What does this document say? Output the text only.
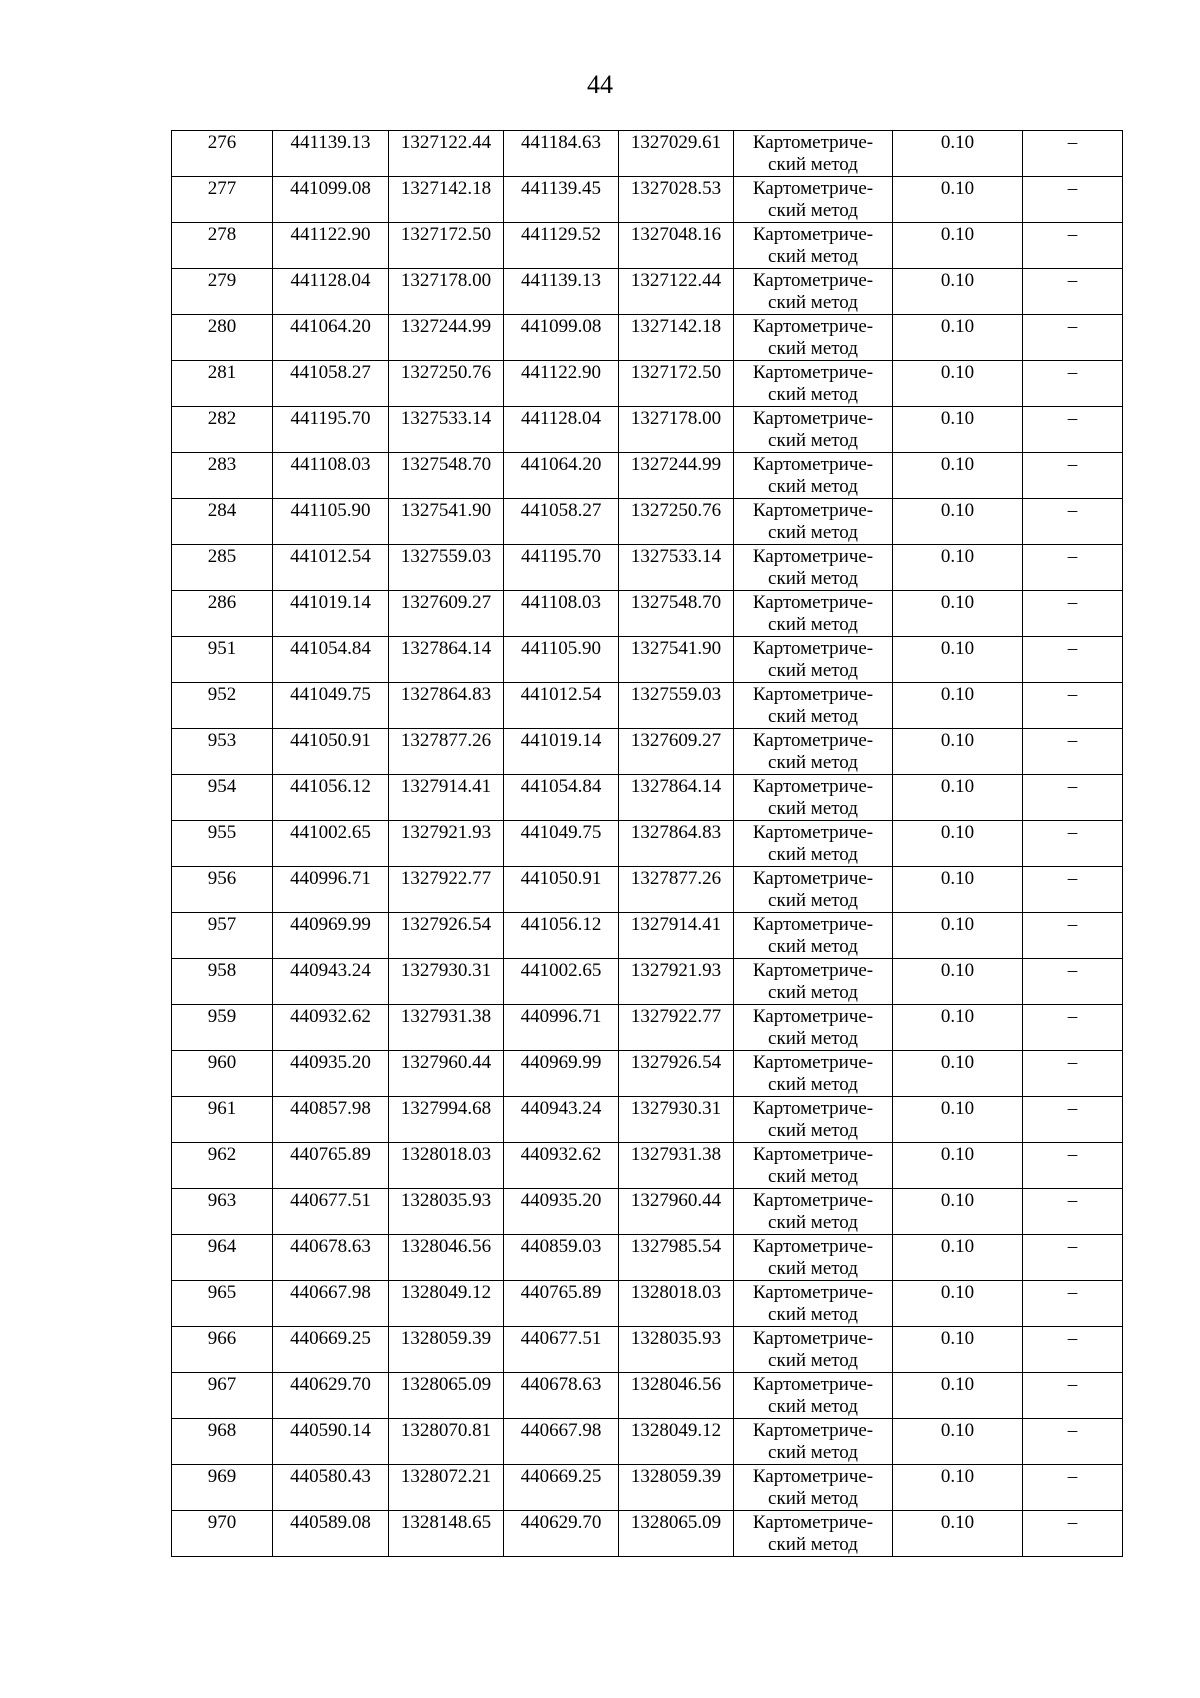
44
276	441139.13	1327122.44	441184.63	1327029.61	Картометриче-
ский метод	0.10	–
277	441099.08	1327142.18	441139.45	1327028.53	Картометриче-
ский метод	0.10	–
278	441122.90	1327172.50	441129.52	1327048.16	Картометриче-
ский метод	0.10	–
279	441128.04	1327178.00	441139.13	1327122.44	Картометриче-
ский метод	0.10	–
280	441064.20	1327244.99	441099.08	1327142.18	Картометриче-
ский метод	0.10	–
281	441058.27	1327250.76	441122.90	1327172.50	Картометриче-
ский метод	0.10	–
282	441195.70	1327533.14	441128.04	1327178.00	Картометриче-
ский метод	0.10	–
283	441108.03	1327548.70	441064.20	1327244.99	Картометриче-
ский метод	0.10	–
284	441105.90	1327541.90	441058.27	1327250.76	Картометриче-
ский метод	0.10	–
285	441012.54	1327559.03	441195.70	1327533.14	Картометриче-
ский метод	0.10	–
286	441019.14	1327609.27	441108.03	1327548.70	Картометриче-
ский метод	0.10	–
951	441054.84	1327864.14	441105.90	1327541.90	Картометриче-
ский метод	0.10	–
952	441049.75	1327864.83	441012.54	1327559.03	Картометриче-
ский метод	0.10	–
953	441050.91	1327877.26	441019.14	1327609.27	Картометриче-
ский метод	0.10	–
954	441056.12	1327914.41	441054.84	1327864.14	Картометриче-
ский метод	0.10	–
955	441002.65	1327921.93	441049.75	1327864.83	Картометриче-
ский метод	0.10	–
956	440996.71	1327922.77	441050.91	1327877.26	Картометриче-
ский метод	0.10	–
957	440969.99	1327926.54	441056.12	1327914.41	Картометриче-
ский метод	0.10	–
958	440943.24	1327930.31	441002.65	1327921.93	Картометриче-
ский метод	0.10	–
959	440932.62	1327931.38	440996.71	1327922.77	Картометриче-
ский метод	0.10	–
960	440935.20	1327960.44	440969.99	1327926.54	Картометриче-
ский метод	0.10	–
961	440857.98	1327994.68	440943.24	1327930.31	Картометриче-
ский метод	0.10	–
962	440765.89	1328018.03	440932.62	1327931.38	Картометриче-
ский метод	0.10	–
963	440677.51	1328035.93	440935.20	1327960.44	Картометриче-
ский метод	0.10	–
964	440678.63	1328046.56	440859.03	1327985.54	Картометриче-
ский метод	0.10	–
965	440667.98	1328049.12	440765.89	1328018.03	Картометриче-
ский метод	0.10	–
966	440669.25	1328059.39	440677.51	1328035.93	Картометриче-
ский метод	0.10	–
967	440629.70	1328065.09	440678.63	1328046.56	Картометриче-
ский метод	0.10	–
968	440590.14	1328070.81	440667.98	1328049.12	Картометриче-
ский метод	0.10	–
969	440580.43	1328072.21	440669.25	1328059.39	Картометриче-
ский метод	0.10	–
970	440589.08	1328148.65	440629.70	1328065.09	Картометриче-
ский метод	0.10	–
